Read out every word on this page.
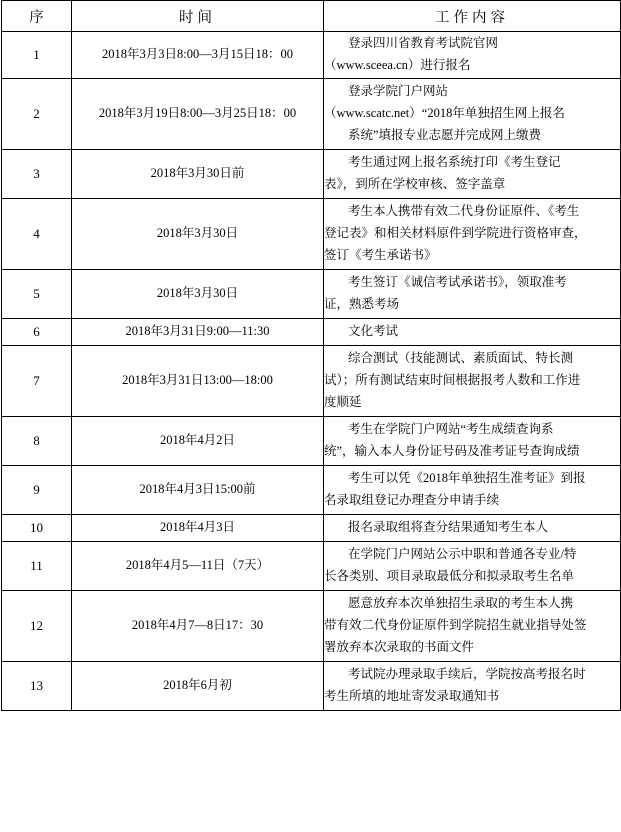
序	时间	工作内容
1	2018年3月3日8:00—3月15日18：00	登录四川省教育考试院官网
（www.sceea.cn）进行报名

2	2018年3月19日8:00—3月25日18：00	登录学院门户网站
（www.scatc.net）“2018年单独招生网上报名
系统”填报专业志愿并完成网上缴费

3	2018年3月30日前	考生通过网上报名系统打印《考生登记
表》，到所在学校审核、签字盖章

4	2018年3月30日	考生本人携带有效二代身份证原件、《考生
登记表》和相关材料原件到学院进行资格审查，
签订《考生承诺书》

5	2018年3月30日	考生签订《诚信考试承诺书》，领取准考
证，熟悉考场

6	2018年3月31日9:00—11:30	文化考试

7	2018年3月31日13:00—18:00	综合测试（技能测试、素质面试、特长测
试）；所有测试结束时间根据报考人数和工作进
度顺延

8	2018年4月2日	考生在学院门户网站“考生成绩查询系
统”，输入本人身份证号码及准考证号查询成绩

9	2018年4月3日15:00前	考生可以凭《2018年单独招生准考证》到报
名录取组登记办理查分申请手续

10	2018年4月3日	报名录取组将查分结果通知考生本人

11	2018年4月5—11日（7天）	在学院门户网站公示中职和普通各专业/特
长各类别、项目录取最低分和拟录取考生名单

12	2018年4月7—8日17：30	愿意放弃本次单独招生录取的考生本人携
带有效二代身份证原件到学院招生就业指导处签
署放弃本次录取的书面文件

13	2018年6月初	考试院办理录取手续后，学院按高考报名时
考生所填的地址寄发录取通知书
